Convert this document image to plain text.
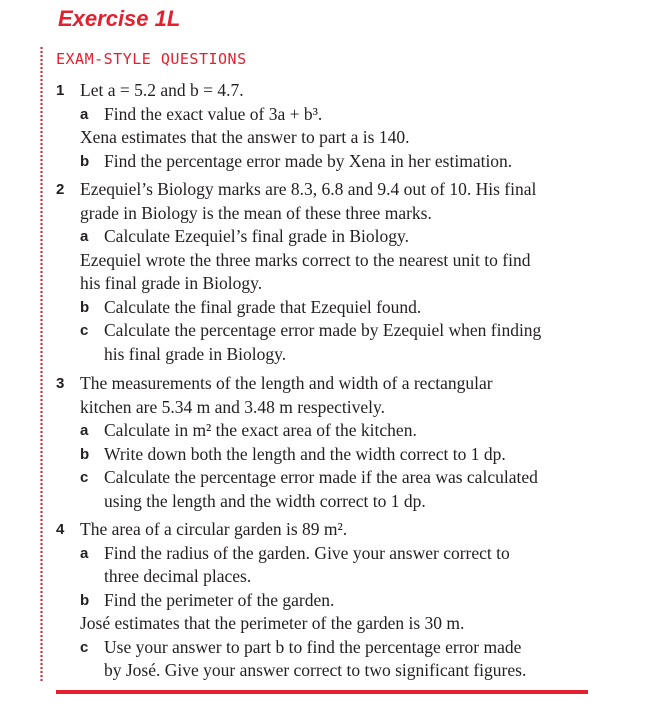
Exercise 1L
EXAM-STYLE QUESTIONS
1 Let a = 5.2 and b = 4.7.
a Find the exact value of 3a + b³.
Xena estimates that the answer to part a is 140.
b Find the percentage error made by Xena in her estimation.
2 Ezequiel’s Biology marks are 8.3, 6.8 and 9.4 out of 10. His final
grade in Biology is the mean of these three marks.
a Calculate Ezequiel’s final grade in Biology.
Ezequiel wrote the three marks correct to the nearest unit to find
his final grade in Biology.
b Calculate the final grade that Ezequiel found.
c Calculate the percentage error made by Ezequiel when finding
his final grade in Biology.
3 The measurements of the length and width of a rectangular
kitchen are 5.34 m and 3.48 m respectively.
a Calculate in m² the exact area of the kitchen.
b Write down both the length and the width correct to 1 dp.
c Calculate the percentage error made if the area was calculated
using the length and the width correct to 1 dp.
4 The area of a circular garden is 89 m².
a Find the radius of the garden. Give your answer correct to
three decimal places.
b Find the perimeter of the garden.
José estimates that the perimeter of the garden is 30 m.
c Use your answer to part b to find the percentage error made
by José. Give your answer correct to two significant figures.
